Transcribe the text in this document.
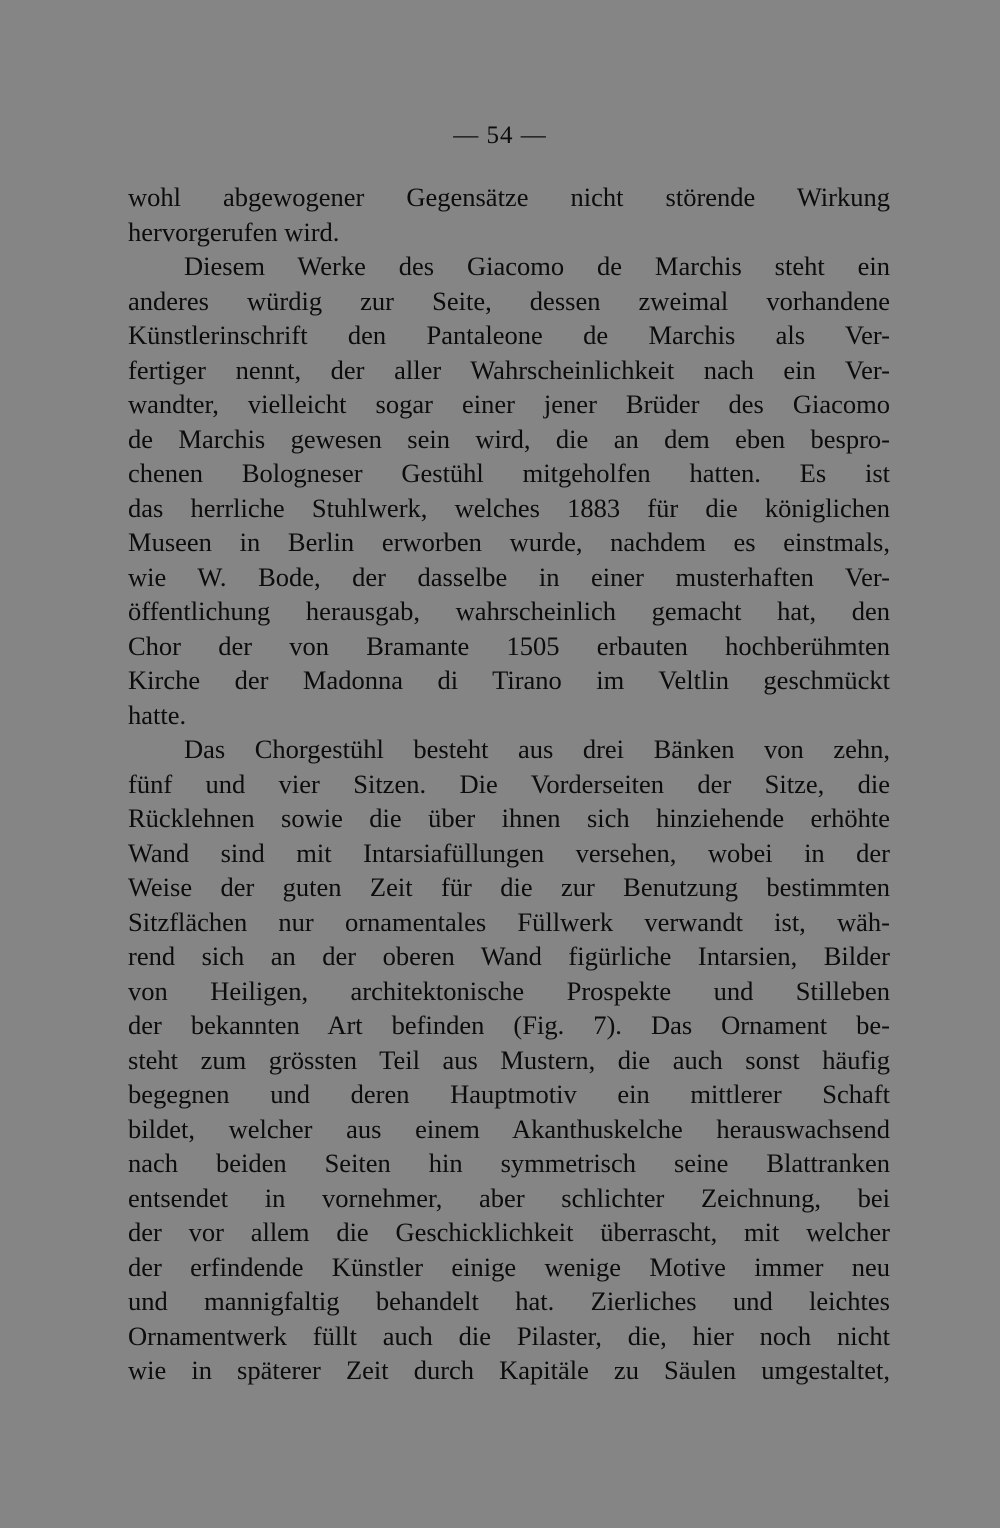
— 54 —
wohl abgewogener Gegensätze nicht störende Wirkung
hervorgerufen wird.
Diesem Werke des Giacomo de Marchis steht ein
anderes würdig zur Seite, dessen zweimal vorhandene
Künstlerinschrift den Pantaleone de Marchis als Ver-
fertiger nennt, der aller Wahrscheinlichkeit nach ein Ver-
wandter, vielleicht sogar einer jener Brüder des Giacomo
de Marchis gewesen sein wird, die an dem eben bespro-
chenen Bologneser Gestühl mitgeholfen hatten. Es ist
das herrliche Stuhlwerk, welches 1883 für die königlichen
Museen in Berlin erworben wurde, nachdem es einstmals,
wie W. Bode, der dasselbe in einer musterhaften Ver-
öffentlichung herausgab, wahrscheinlich gemacht hat, den
Chor der von Bramante 1505 erbauten hochberühmten
Kirche der Madonna di Tirano im Veltlin geschmückt
hatte.
Das Chorgestühl besteht aus drei Bänken von zehn,
fünf und vier Sitzen. Die Vorderseiten der Sitze, die
Rücklehnen sowie die über ihnen sich hinziehende erhöhte
Wand sind mit Intarsiafüllungen versehen, wobei in der
Weise der guten Zeit für die zur Benutzung bestimmten
Sitzflächen nur ornamentales Füllwerk verwandt ist, wäh-
rend sich an der oberen Wand figürliche Intarsien, Bilder
von Heiligen, architektonische Prospekte und Stilleben
der bekannten Art befinden (Fig. 7). Das Ornament be-
steht zum grössten Teil aus Mustern, die auch sonst häufig
begegnen und deren Hauptmotiv ein mittlerer Schaft
bildet, welcher aus einem Akanthuskelche herauswachsend
nach beiden Seiten hin symmetrisch seine Blattranken
entsendet in vornehmer, aber schlichter Zeichnung, bei
der vor allem die Geschicklichkeit überrascht, mit welcher
der erfindende Künstler einige wenige Motive immer neu
und mannigfaltig behandelt hat. Zierliches und leichtes
Ornamentwerk füllt auch die Pilaster, die, hier noch nicht
wie in späterer Zeit durch Kapitäle zu Säulen umgestaltet,
